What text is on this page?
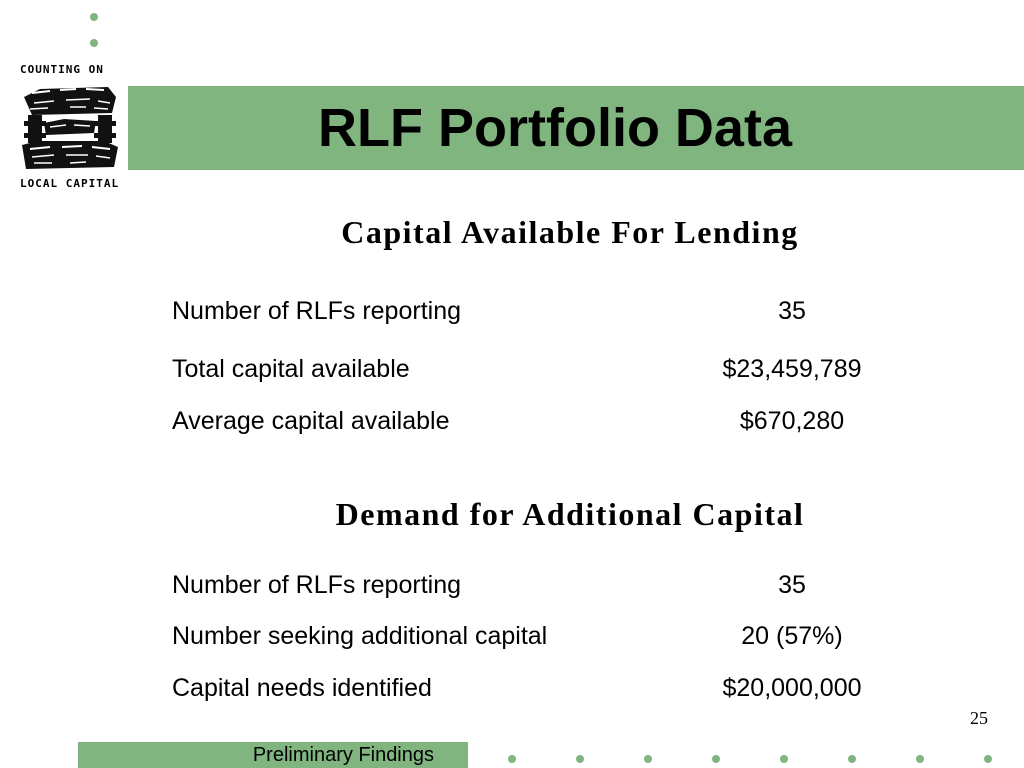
COUNTING ON
LOCAL CAPITAL
RLF Portfolio Data
Capital Available For Lending
Number of RLFs reporting	35
Total capital available	$23,459,789
Average capital available	$670,280
Demand for Additional Capital
Number of RLFs reporting	35
Number seeking additional capital	20 (57%)
Capital needs identified	$20,000,000
25
Preliminary Findings
